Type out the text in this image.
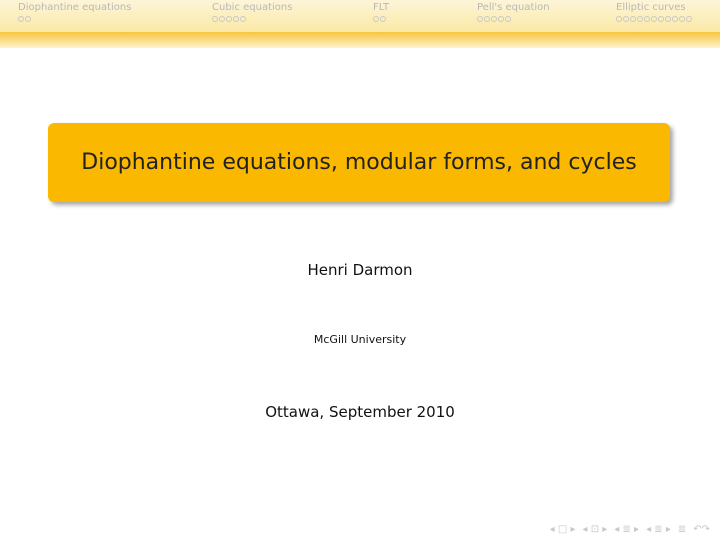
Diophantine equations	Cubic equations	FLT	Pell's equation	Elliptic curves
Diophantine equations, modular forms, and cycles
Henri Darmon
McGill University
Ottawa, September 2010
◂ □ ▸ ◂ ⊡ ▸ ◂ ≣ ▸ ◂ ≣ ▸ ≣ ↶↷
